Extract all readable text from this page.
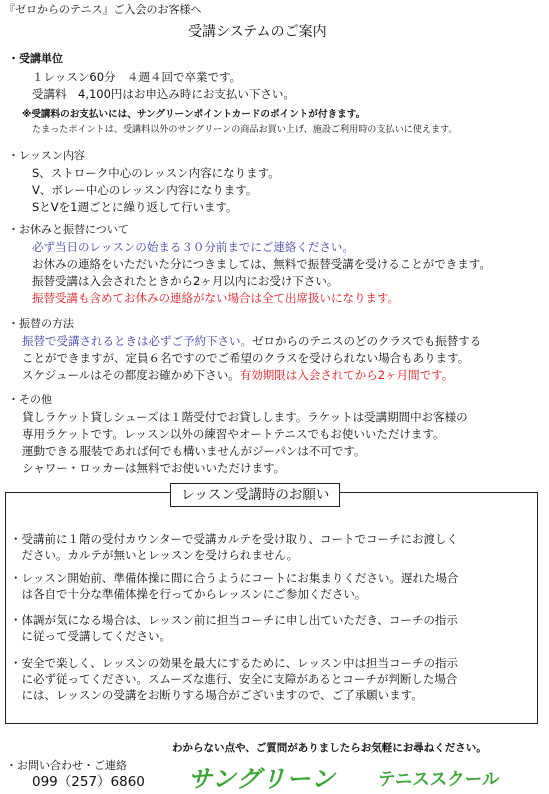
『ゼロからのテニス』ご入会のお客様へ
受講システムのご案内
・受講単位
１レッスン60分　４週４回で卒業です。
受講料　4,100円はお申込み時にお支払い下さい。
※受講料のお支払いには、サングリーンポイントカードのポイントが付きます。
たまったポイントは、受講料以外のサングリーンの商品お買い上げ、施設ご利用時の支払いに使えます。
・レッスン内容
S、ストローク中心のレッスン内容になります。
V、ボレー中心のレッスン内容になります。
SとVを1週ごとに繰り返して行います。
・お休みと振替について
必ず当日のレッスンの始まる３０分前までにご連絡ください。
お休みの連絡をいただいた分につきましては、無料で振替受講を受けることができます。
振替受講は入会されたときから2ヶ月以内にお受け下さい。
振替受講も含めてお休みの連絡がない場合は全て出席扱いになります。
・振替の方法
振替で受講されるときは必ずご予約下さい。ゼロからのテニスのどのクラスでも振替する
ことができますが、定員６名ですのでご希望のクラスを受けられない場合もあります。
スケジュールはその都度お確かめ下さい。有効期限は入会されてから2ヶ月間です。
・その他
貸しラケット貸しシューズは１階受付でお貸しします。ラケットは受講期間中お客様の
専用ラケットです。レッスン以外の練習やオートテニスでもお使いいただけます。
運動できる服装であれば何でも構いませんがジーパンは不可です。
シャワー・ロッカーは無料でお使いいただけます。
レッスン受講時のお願い
・受講前に１階の受付カウンターで受講カルテを受け取り、コートでコーチにお渡しく
　ださい。カルテが無いとレッスンを受けられません。
・レッスン開始前、準備体操に間に合うようにコートにお集まりください。遅れた場合
　は各自で十分な準備体操を行ってからレッスンにご参加ください。
・体調が気になる場合は、レッスン前に担当コーチに申し出ていただき、コーチの指示
　に従って受講してください。
・安全で楽しく、レッスンの効果を最大にするために、レッスン中は担当コーチの指示
　に必ず従ってください。スムーズな進行、安全に支障があるとコーチが判断した場合
　には、レッスンの受講をお断りする場合がございますので、ご了承願います。
わからない点や、ご質問がありましたらお気軽にお尋ねください。
・お問い合わせ・ご連絡
099（257）6860 サングリーン テニススクール
